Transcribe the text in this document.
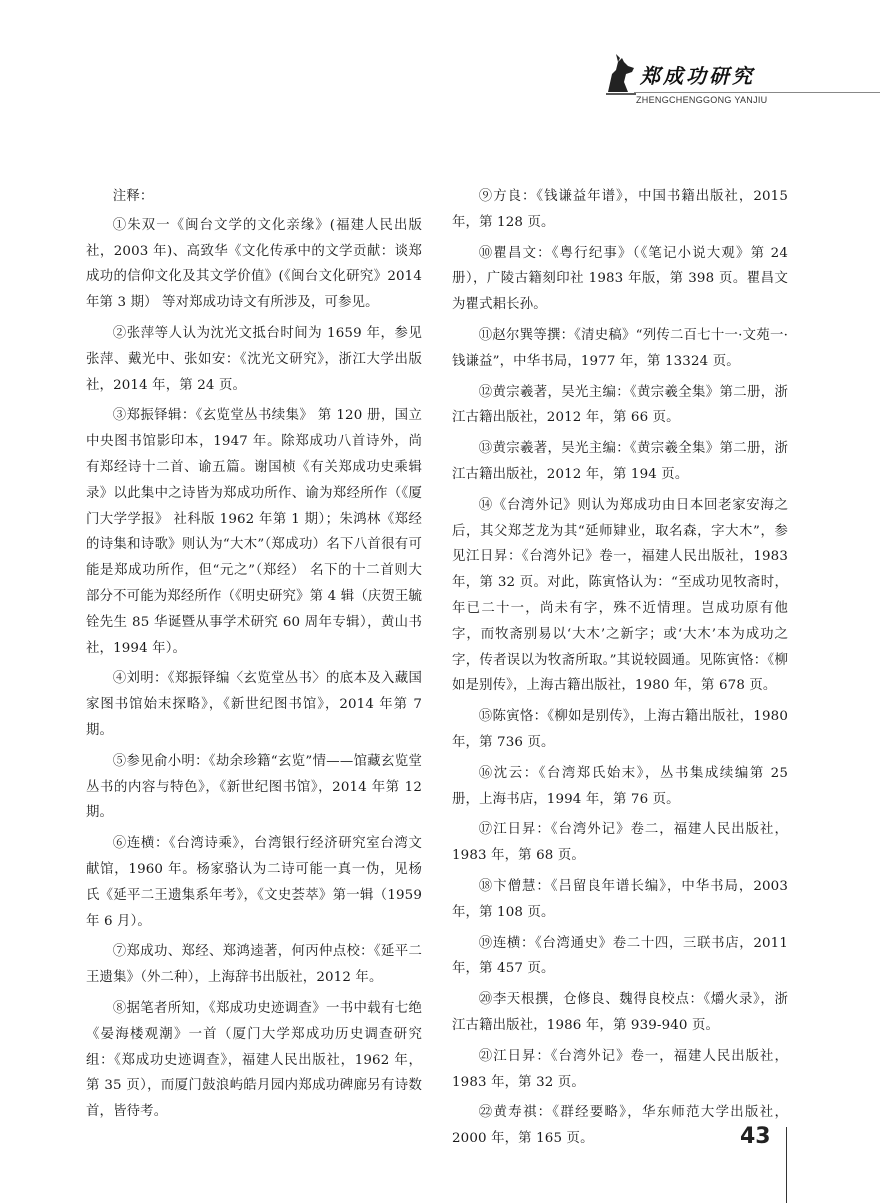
郑成功研究
ZHENGCHENGGONG YANJIU

注释：

①朱双一《闽台文学的文化亲缘》(福建人民出版社，2003 年)、高致华《文化传承中的文学贡献：谈郑成功的信仰文化及其文学价值》(《闽台文化研究》2014 年第 3 期） 等对郑成功诗文有所涉及，可参见。

②张萍等人认为沈光文抵台时间为 1659 年，参见张萍、戴光中、张如安：《沈光文研究》，浙江大学出版社，2014 年，第 24 页。

③郑振铎辑：《玄览堂丛书续集》 第 120 册，国立中央图书馆影印本，1947 年。除郑成功八首诗外，尚有郑经诗十二首、谕五篇。谢国桢《有关郑成功史乘辑录》以此集中之诗皆为郑成功所作、谕为郑经所作（《厦门大学学报》 社科版 1962 年第 1 期）；朱鸿林《郑经的诗集和诗歌》则认为“大木”（郑成功）名下八首很有可能是郑成功所作，但“元之”（郑经） 名下的十二首则大部分不可能为郑经所作（《明史研究》第 4 辑（庆贺王毓铨先生 85 华诞暨从事学术研究 60 周年专辑），黄山书社，1994 年）。

④刘明：《郑振铎编〈玄览堂丛书〉的底本及入藏国家图书馆始末探略》，《新世纪图书馆》，2014 年第 7 期。

⑤参见俞小明：《劫余珍籍“玄览”情——馆藏玄览堂丛书的内容与特色》，《新世纪图书馆》，2014 年第 12 期。

⑥连横：《台湾诗乘》，台湾银行经济研究室台湾文献馆，1960 年。杨家骆认为二诗可能一真一伪，见杨氏《延平二王遗集系年考》，《文史荟萃》第一辑（1959 年 6 月）。

⑦郑成功、郑经、郑鸿逵著，何丙仲点校：《延平二王遗集》（外二种），上海辞书出版社，2012 年。

⑧据笔者所知，《郑成功史迹调查》一书中载有七绝《晏海楼观潮》一首（厦门大学郑成功历史调查研究组：《郑成功史迹调查》，福建人民出版社，1962 年，第 35 页），而厦门鼓浪屿皓月园内郑成功碑廊另有诗数首，皆待考。

⑨方良：《钱谦益年谱》，中国书籍出版社，2015 年，第 128 页。

⑩瞿昌文：《粤行纪事》（《笔记小说大观》第 24 册），广陵古籍刻印社 1983 年版，第 398 页。瞿昌文为瞿式耜长孙。

⑪赵尔巽等撰：《清史稿》“列传二百七十一·文苑一·钱谦益”，中华书局，1977 年，第 13324 页。

⑫黄宗羲著，吴光主编：《黄宗羲全集》第二册，浙江古籍出版社，2012 年，第 66 页。

⑬黄宗羲著，吴光主编：《黄宗羲全集》第二册，浙江古籍出版社，2012 年，第 194 页。

⑭《台湾外记》则认为郑成功由日本回老家安海之后，其父郑芝龙为其“延师肄业，取名森，字大木”，参见江日昇：《台湾外记》卷一，福建人民出版社，1983 年，第 32 页。对此，陈寅恪认为：“至成功见牧斋时，年已二十一，尚未有字，殊不近情理。岂成功原有他字，而牧斋别易以‘大木’之新字；或‘大木’本为成功之字，传者误以为牧斋所取。”其说较圆通。见陈寅恪：《柳如是别传》，上海古籍出版社，1980 年，第 678 页。

⑮陈寅恪：《柳如是别传》，上海古籍出版社，1980 年，第 736 页。

⑯沈云：《台湾郑氏始末》，丛书集成续编第 25 册，上海书店，1994 年，第 76 页。

⑰江日昇：《台湾外记》卷二，福建人民出版社，1983 年，第 68 页。

⑱卞僧慧：《吕留良年谱长编》，中华书局，2003 年，第 108 页。

⑲连横：《台湾通史》卷二十四，三联书店，2011 年，第 457 页。

⑳李天根撰，仓修良、魏得良校点：《爝火录》，浙江古籍出版社，1986 年，第 939-940 页。

㉑江日昇：《台湾外记》卷一，福建人民出版社，1983 年，第 32 页。

㉒黄寿祺：《群经要略》，华东师范大学出版社，2000 年，第 165 页。	43
